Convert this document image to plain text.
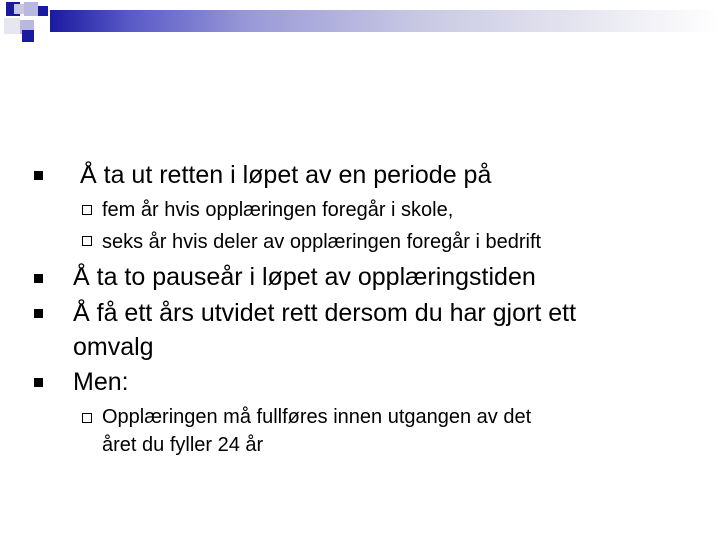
Å ta ut retten i løpet av en periode på
fem år hvis opplæringen foregår i skole,
seks år hvis deler av opplæringen foregår i bedrift
Å ta to pauseår i løpet av opplæringstiden
Å få ett års utvidet rett dersom du har gjort ett
omvalg
Men:
Opplæringen må fullføres innen utgangen av det
året du fyller 24 år
